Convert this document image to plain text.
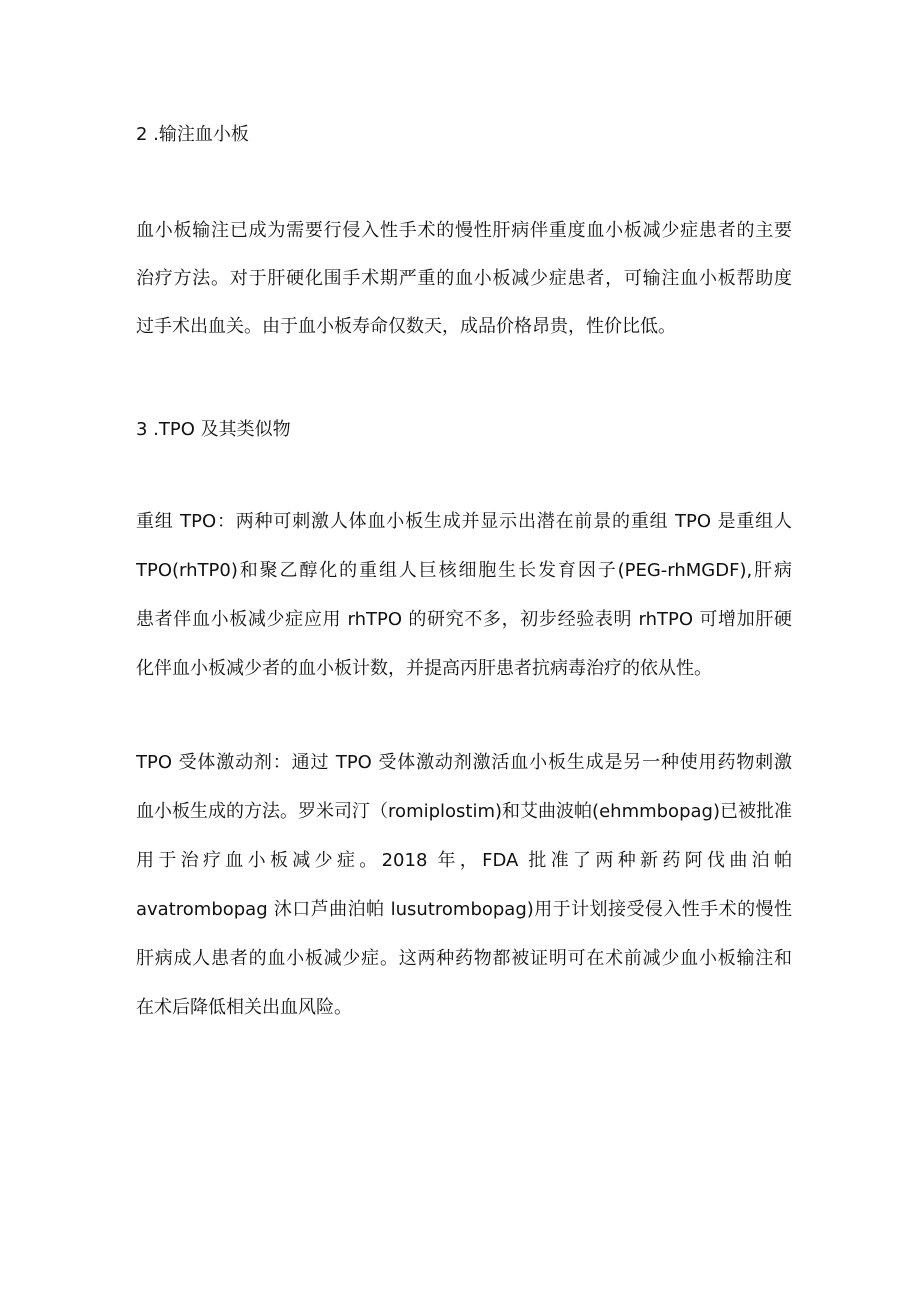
2 .输注血小板
血小板输注已成为需要行侵入性手术的慢性肝病伴重度血小板减少症患者的主要
治疗方法。对于肝硬化围手术期严重的血小板减少症患者，可输注血小板帮助度
过手术出血关。由于血小板寿命仅数天，成品价格昂贵，性价比低。
3 .TPO 及其类似物
重组 TPO：两种可刺激人体血小板生成并显示出潜在前景的重组 TPO 是重组人
TPO(rhTP0)和聚乙醇化的重组人巨核细胞生长发育因子(PEG-rhMGDF),肝病
患者伴血小板减少症应用 rhTPO 的研究不多，初步经验表明 rhTPO 可增加肝硬
化伴血小板减少者的血小板计数，并提高丙肝患者抗病毒治疗的依从性。
TPO 受体激动剂：通过 TPO 受体激动剂激活血小板生成是另一种使用药物刺激
血小板生成的方法。罗米司汀（romiplostim)和艾曲波帕(ehmmbopag)已被批准
用于治疗血小板减少症。2018 年，FDA 批准了两种新药阿伐曲泊帕
avatrombopag 沐口芦曲泊帕 lusutrombopag)用于计划接受侵入性手术的慢性
肝病成人患者的血小板减少症。这两种药物都被证明可在术前减少血小板输注和
在术后降低相关出血风险。
